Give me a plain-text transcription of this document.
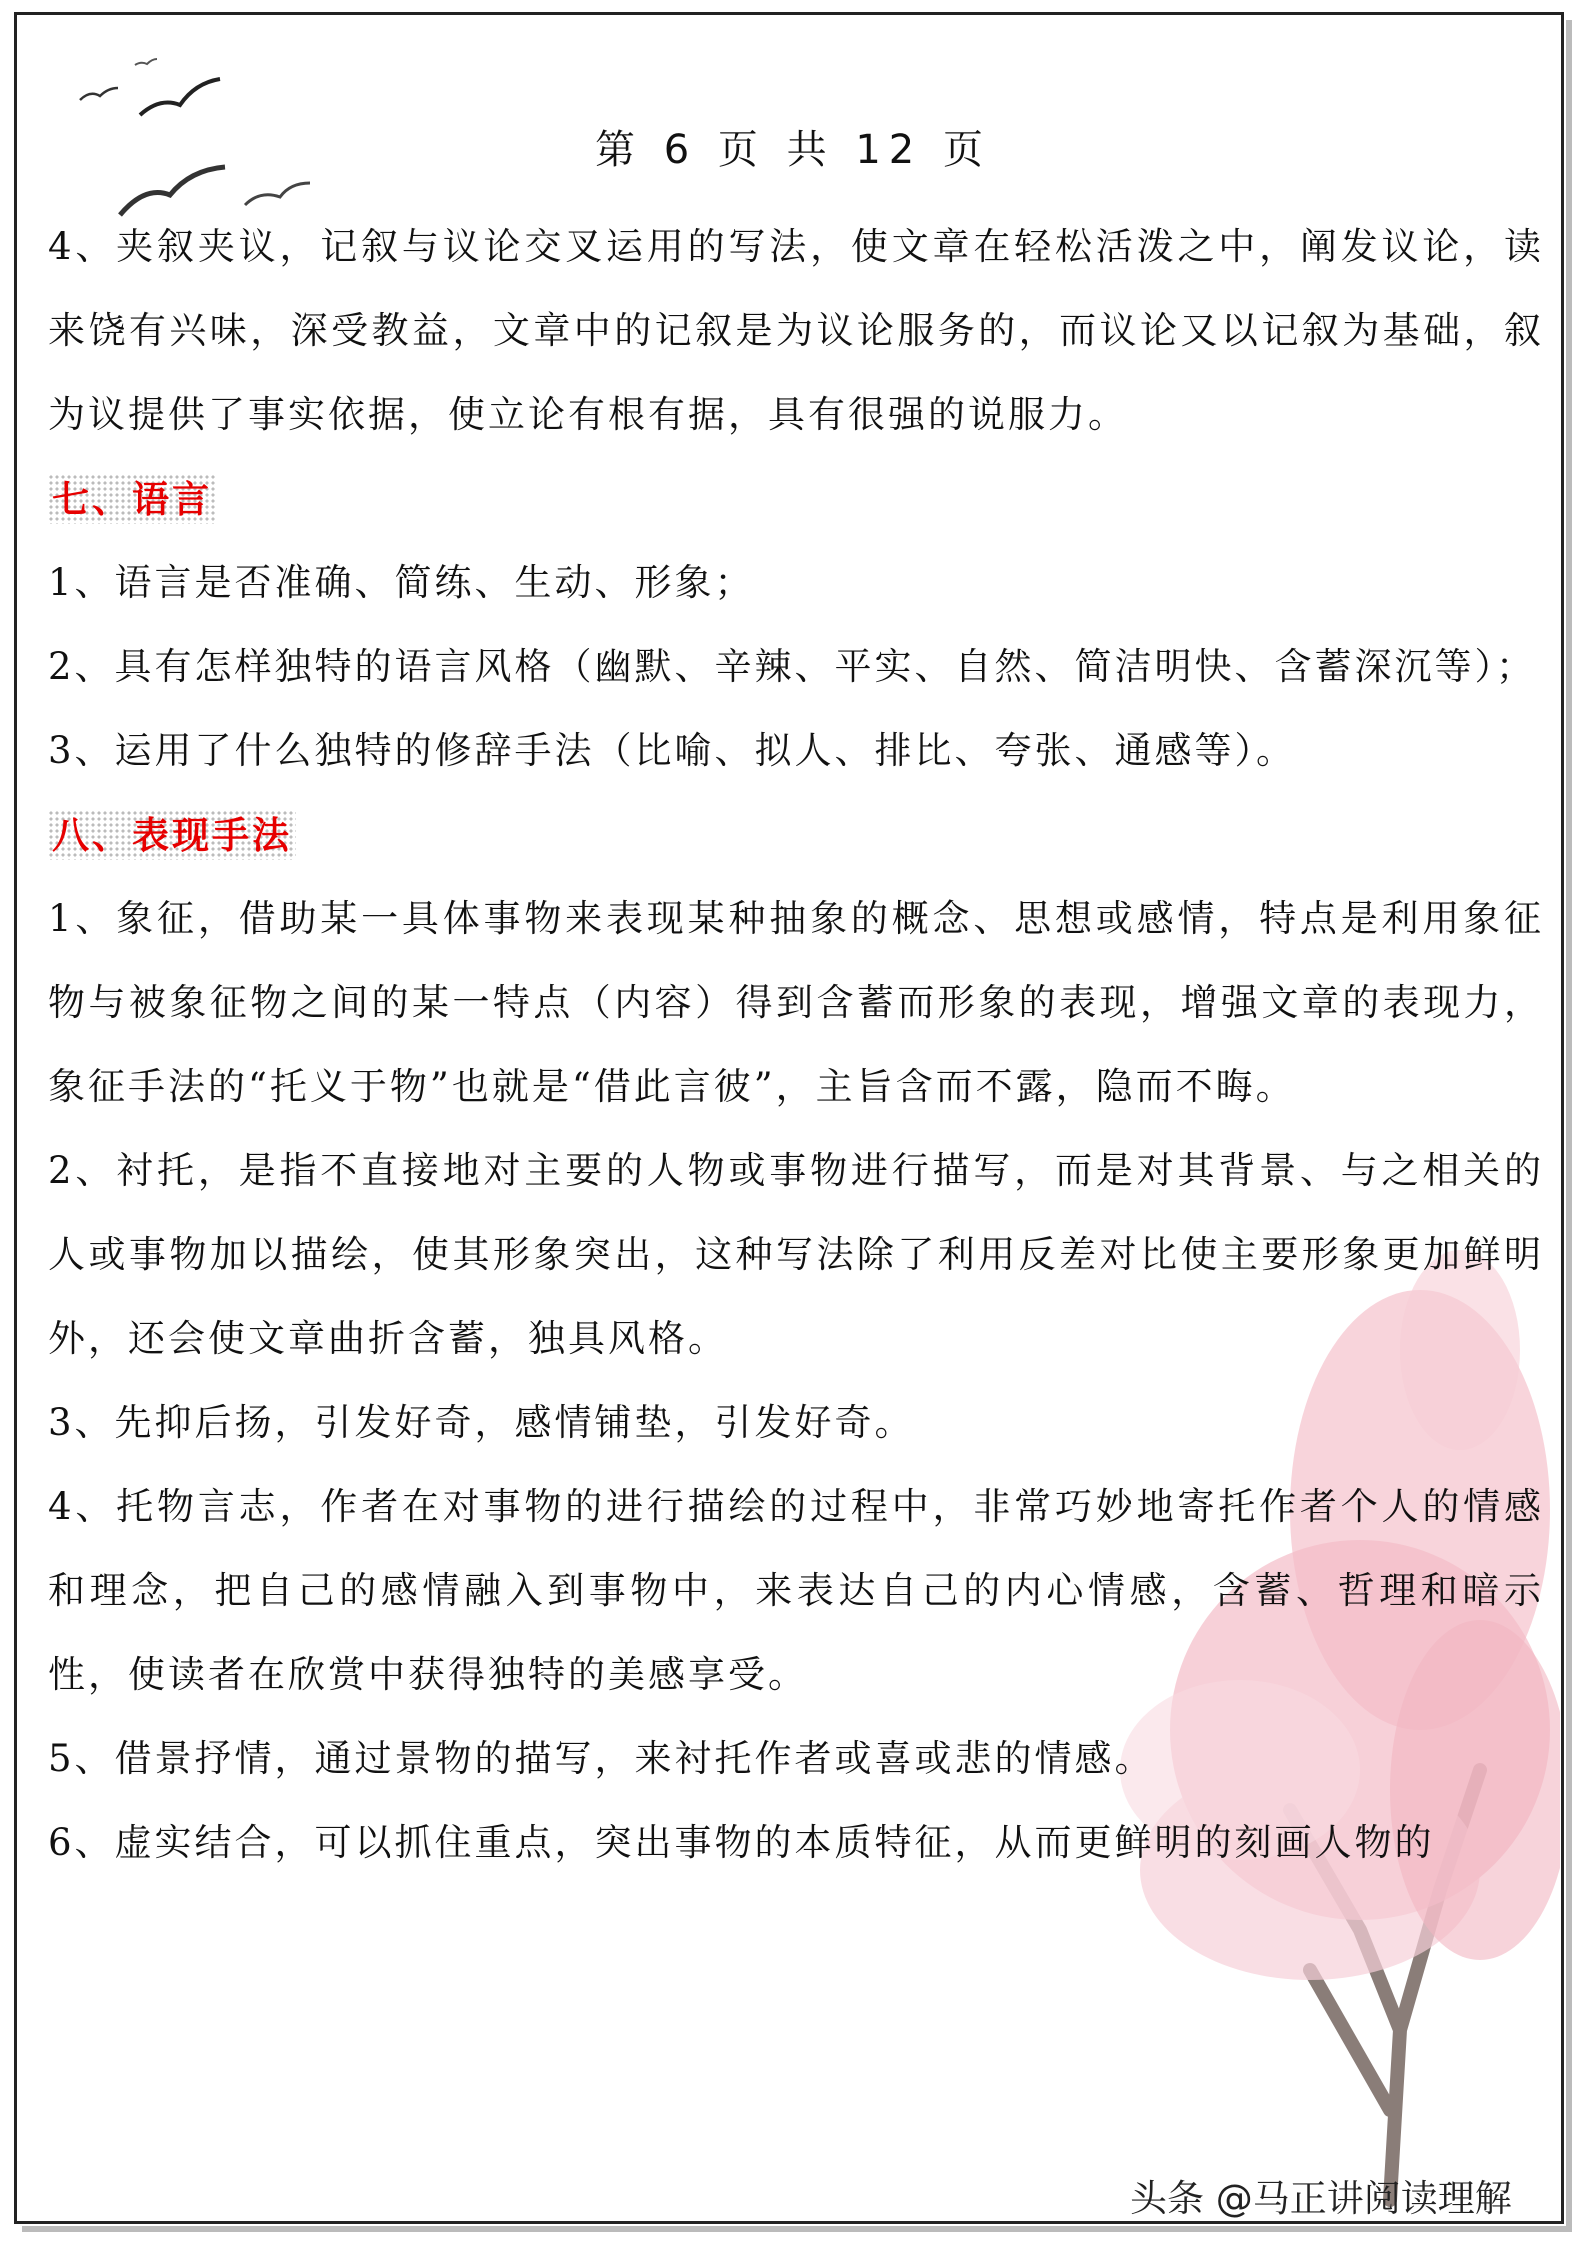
第 6 页 共 12 页

4、夹叙夹议，记叙与议论交叉运用的写法，使文章在轻松活泼之中，阐发议论，读来饶有兴味，深受教益，文章中的记叙是为议论服务的，而议论又以记叙为基础，叙为议提供了事实依据，使立论有根有据，具有很强的说服力。

七、语言

1、语言是否准确、简练、生动、形象；

2、具有怎样独特的语言风格（幽默、辛辣、平实、自然、简洁明快、含蓄深沉等）；

3、运用了什么独特的修辞手法（比喻、拟人、排比、夸张、通感等）。

八、表现手法

1、象征，借助某一具体事物来表现某种抽象的概念、思想或感情，特点是利用象征物与被象征物之间的某一特点（内容）得到含蓄而形象的表现，增强文章的表现力，象征手法的“托义于物”也就是“借此言彼”，主旨含而不露，隐而不晦。

2、衬托，是指不直接地对主要的人物或事物进行描写，而是对其背景、与之相关的人或事物加以描绘，使其形象突出，这种写法除了利用反差对比使主要形象更加鲜明外，还会使文章曲折含蓄，独具风格。

3、先抑后扬，引发好奇，感情铺垫，引发好奇。

4、托物言志，作者在对事物的进行描绘的过程中，非常巧妙地寄托作者个人的情感和理念，把自己的感情融入到事物中，来表达自己的内心情感，含蓄、哲理和暗示性，使读者在欣赏中获得独特的美感享受。

5、借景抒情，通过景物的描写，来衬托作者或喜或悲的情感。

6、虚实结合，可以抓住重点，突出事物的本质特征，从而更鲜明的刻画人物的

头条 @马正讲阅读理解
